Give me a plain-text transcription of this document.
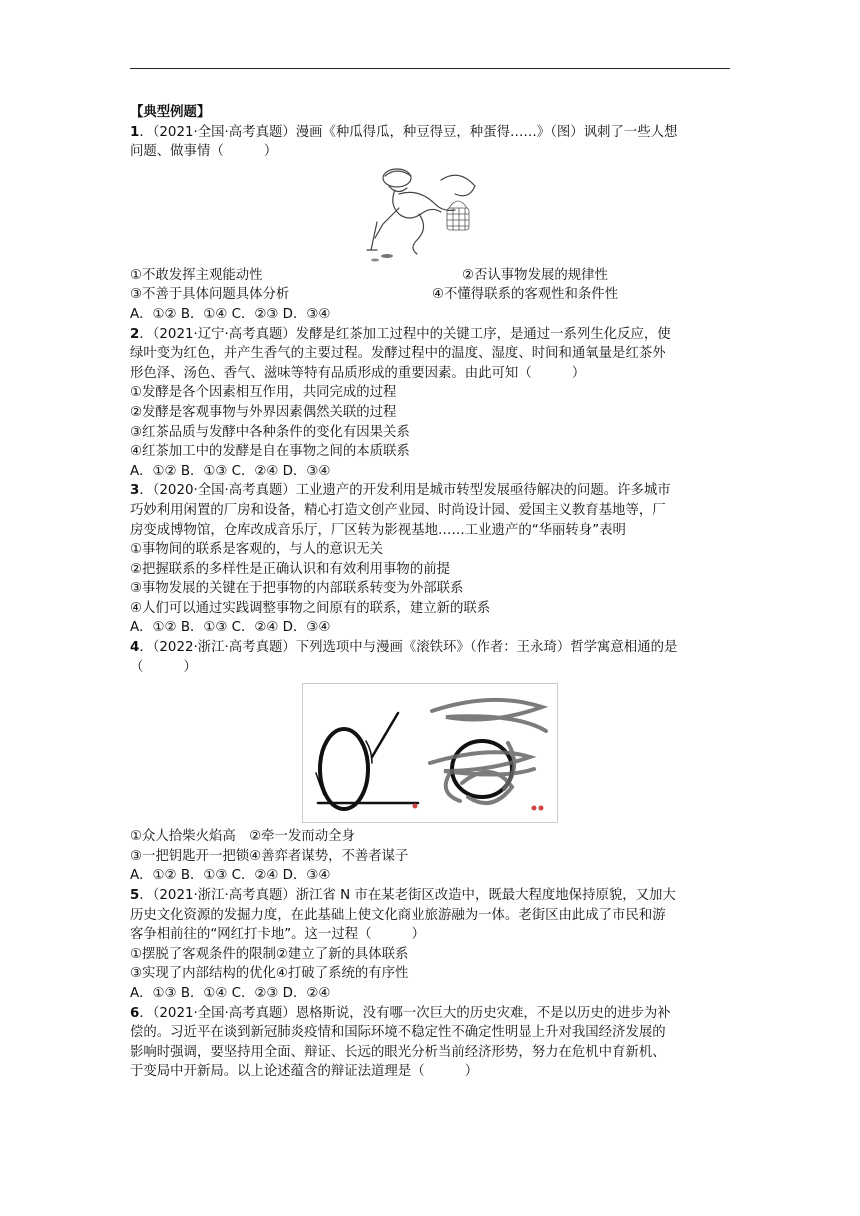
【典型例题】
1．（2021·全国·高考真题）漫画《种瓜得瓜，种豆得豆，种蛋得……》（图）讽刺了一些人想
问题、做事情（　　　）
①不敢发挥主观能动性	②否认事物发展的规律性
③不善于具体问题具体分析	④不懂得联系的客观性和条件性
A．①② B．①④ C．②③ D．③④
2．（2021·辽宁·高考真题）发酵是红茶加工过程中的关键工序，是通过一系列生化反应，使
绿叶变为红色，并产生香气的主要过程。发酵过程中的温度、湿度、时间和通氧量是红茶外
形色泽、汤色、香气、滋味等特有品质形成的重要因素。由此可知（　　　）
①发酵是各个因素相互作用，共同完成的过程
②发酵是客观事物与外界因素偶然关联的过程
③红茶品质与发酵中各种条件的变化有因果关系
④红茶加工中的发酵是自在事物之间的本质联系
A．①② B．①③ C．②④ D．③④
3．（2020·全国·高考真题）工业遗产的开发利用是城市转型发展亟待解决的问题。许多城市
巧妙利用闲置的厂房和设备，精心打造文创产业园、时尚设计园、爱国主义教育基地等，厂
房变成博物馆，仓库改成音乐厅，厂区转为影视基地……工业遗产的“华丽转身”表明
①事物间的联系是客观的，与人的意识无关
②把握联系的多样性是正确认识和有效利用事物的前提
③事物发展的关键在于把事物的内部联系转变为外部联系
④人们可以通过实践调整事物之间原有的联系，建立新的联系
A．①② B．①③ C．②④ D．③④
4．（2022·浙江·高考真题）下列选项中与漫画《滚铁环》（作者：王永琦）哲学寓意相通的是
（　　　）
①众人拾柴火焰高　②牵一发而动全身
③一把钥匙开一把锁④善弈者谋势，不善者谋子
A．①② B．①③ C．②④ D．③④
5．（2021·浙江·高考真题）浙江省 N 市在某老街区改造中，既最大程度地保持原貌，又加大
历史文化资源的发掘力度，在此基础上使文化商业旅游融为一体。老街区由此成了市民和游
客争相前往的“网红打卡地”。这一过程（　　　）
①摆脱了客观条件的限制②建立了新的具体联系
③实现了内部结构的优化④打破了系统的有序性
A．①③ B．①④ C．②③ D．②④
6．（2021·全国·高考真题）恩格斯说，没有哪一次巨大的历史灾难，不是以历史的进步为补
偿的。习近平在谈到新冠肺炎疫情和国际环境不稳定性不确定性明显上升对我国经济发展的
影响时强调，要坚持用全面、辩证、长远的眼光分析当前经济形势，努力在危机中育新机、
于变局中开新局。以上论述蕴含的辩证法道理是（　　　）
